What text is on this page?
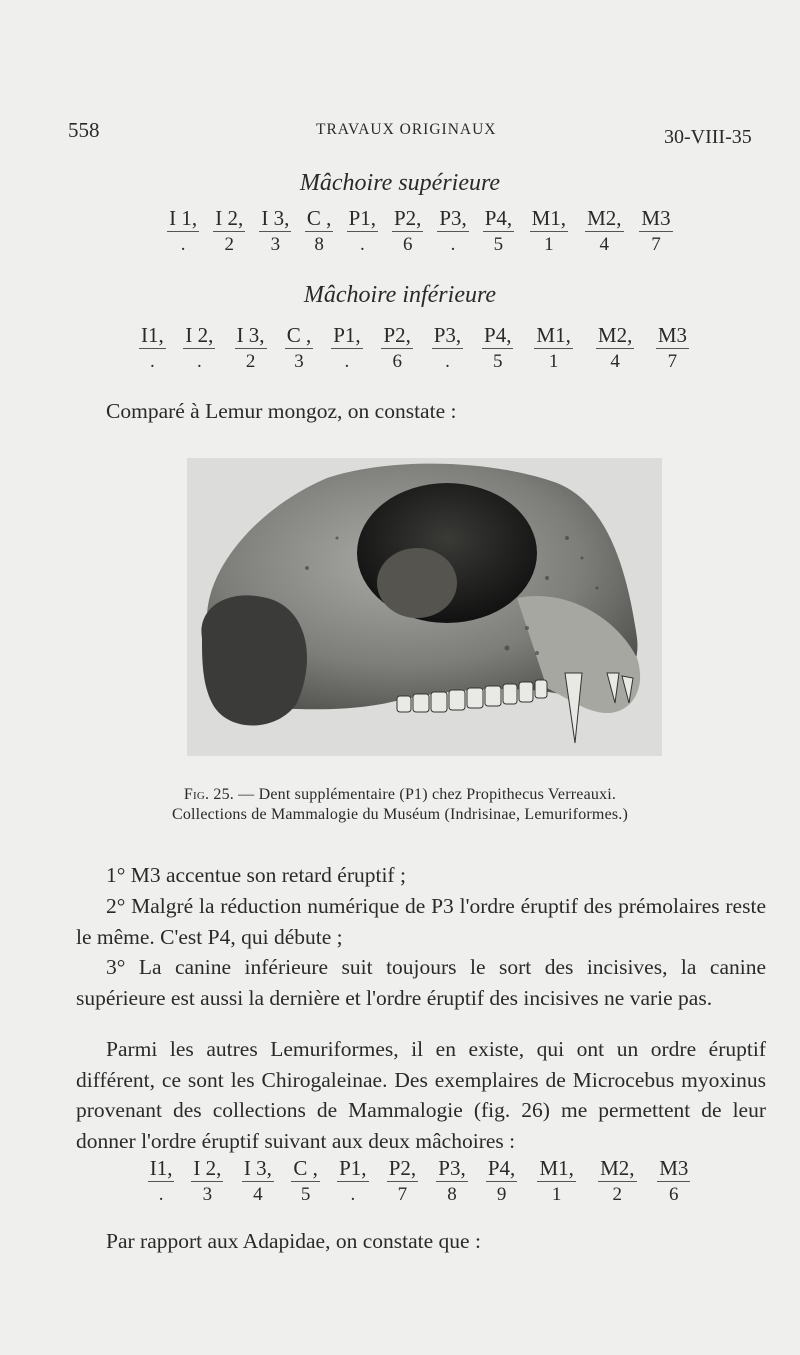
558	TRAVAUX ORIGINAUX	30-VIII-35
Mâchoire supérieure
I 1,	I 2,	I 3,	C ,	P1,	P2,	P3,	P4,	M1,	M2,	M3
.	2	3	8	.	6	.	5	1	4	7
Mâchoire inférieure
I1,	I 2,	I 3,	C ,	P1,	P2,	P3,	P4,	M1,	M2,	M3
.	.	2	3	.	6	.	5	1	4	7
Comparé à Lemur mongoz, on constate :
Fig. 25. — Dent supplémentaire (P1) chez Propithecus Verreauxi.
Collections de Mammalogie du Muséum (Indrisinae, Lemuriformes.)
1° M3 accentue son retard éruptif ;
2° Malgré la réduction numérique de P3 l'ordre éruptif des prémolaires reste le même. C'est P4, qui débute ;
3° La canine inférieure suit toujours le sort des incisives, la canine supérieure est aussi la dernière et l'ordre éruptif des incisives ne varie pas.
Parmi les autres Lemuriformes, il en existe, qui ont un ordre éruptif différent, ce sont les Chirogaleinae. Des exemplaires de Microcebus myoxinus provenant des collections de Mammalogie (fig. 26) me permettent de leur donner l'ordre éruptif suivant aux deux mâchoires :
I1,	I 2,	I 3,	C ,	P1,	P2,	P3,	P4,	M1,	M2,	M3
.	3	4	5	.	7	8	9	1	2	6
Par rapport aux Adapidae, on constate que :
